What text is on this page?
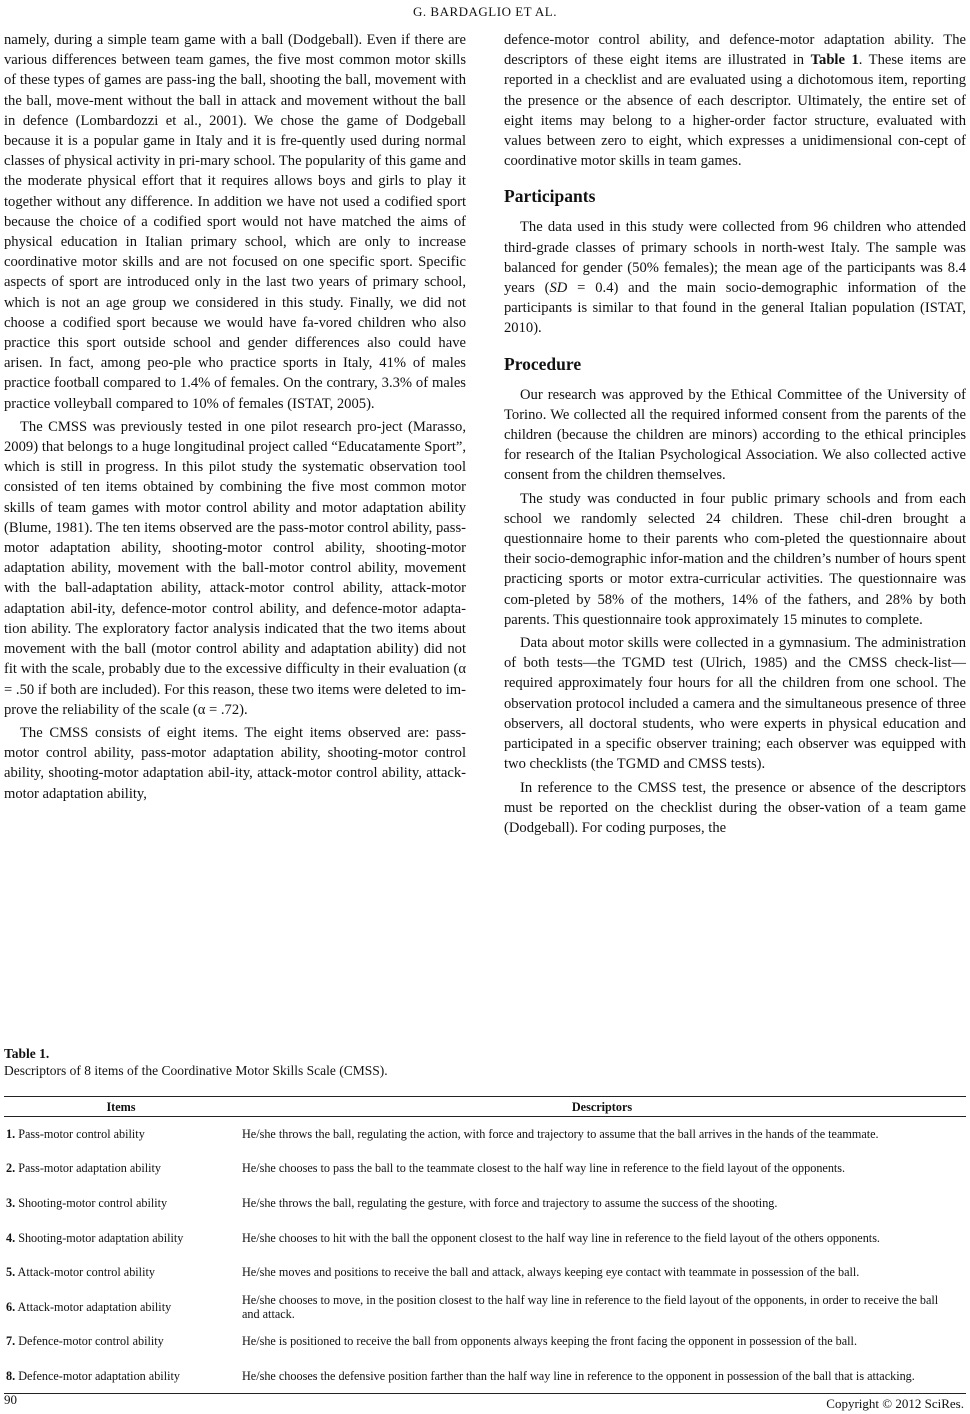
G. BARDAGLIO ET AL.

namely, during a simple team game with a ball (Dodgeball). Even if there are various differences between team games, the five most common motor skills of these types of games are pass-ing the ball, shooting the ball, movement with the ball, move-ment without the ball in attack and movement without the ball in defence (Lombardozzi et al., 2001). We chose the game of Dodgeball because it is a popular game in Italy and it is fre-quently used during normal classes of physical activity in pri-mary school. The popularity of this game and the moderate physical effort that it requires allows boys and girls to play it together without any difference. In addition we have not used a codified sport because the choice of a codified sport would not have matched the aims of physical education in Italian primary school, which are only to increase coordinative motor skills and are not focused on one specific sport. Specific aspects of sport are introduced only in the last two years of primary school, which is not an age group we considered in this study. Finally, we did not choose a codified sport because we would have fa-vored children who also practice this sport outside school and gender differences also could have arisen. In fact, among peo-ple who practice sports in Italy, 41% of males practice football compared to 1.4% of females. On the contrary, 3.3% of males practice volleyball compared to 10% of females (ISTAT, 2005).

The CMSS was previously tested in one pilot research pro-ject (Marasso, 2009) that belongs to a huge longitudinal project called “Educatamente Sport”, which is still in progress. In this pilot study the systematic observation tool consisted of ten items obtained by combining the five most common motor skills of team games with motor control ability and motor adaptation ability (Blume, 1981). The ten items observed are the pass-motor control ability, pass-motor adaptation ability, shooting-motor control ability, shooting-motor adaptation ability, movement with the ball-motor control ability, movement with the ball-adaptation ability, attack-motor control ability, attack-motor adaptation abil-ity, defence-motor control ability, and defence-motor adapta-tion ability. The exploratory factor analysis indicated that the two items about movement with the ball (motor control ability and adaptation ability) did not fit with the scale, probably due to the excessive difficulty in their evaluation (α = .50 if both are included). For this reason, these two items were deleted to im-prove the reliability of the scale (α = .72).

The CMSS consists of eight items. The eight items observed are: pass-motor control ability, pass-motor adaptation ability, shooting-motor control ability, shooting-motor adaptation abil-ity, attack-motor control ability, attack-motor adaptation ability,

defence-motor control ability, and defence-motor adaptation ability. The descriptors of these eight items are illustrated in Table 1. These items are reported in a checklist and are evaluated using a dichotomous item, reporting the presence or the absence of each descriptor. Ultimately, the entire set of eight items may belong to a higher-order factor structure, evaluated with values between zero to eight, which expresses a unidimensional con-cept of coordinative motor skills in team games.

Participants

The data used in this study were collected from 96 children who attended third-grade classes of primary schools in north-west Italy. The sample was balanced for gender (50% females); the mean age of the participants was 8.4 years (SD = 0.4) and the main socio-demographic information of the participants is similar to that found in the general Italian population (ISTAT, 2010).

Procedure

Our research was approved by the Ethical Committee of the University of Torino. We collected all the required informed consent from the parents of the children (because the children are minors) according to the ethical principles for research of the Italian Psychological Association. We also collected active consent from the children themselves.

The study was conducted in four public primary schools and from each school we randomly selected 24 children. These chil-dren brought a questionnaire home to their parents who com-pleted the questionnaire about their socio-demographic infor-mation and the children’s number of hours spent practicing sports or motor extra-curricular activities. The questionnaire was com-pleted by 58% of the mothers, 14% of the fathers, and 28% by both parents. This questionnaire took approximately 15 minutes to complete.

Data about motor skills were collected in a gymnasium. The administration of both tests—the TGMD test (Ulrich, 1985) and the CMSS check-list—required approximately four hours for all the children from one school. The observation protocol included a camera and the simultaneous presence of three observers, all doctoral students, who were experts in physical education and participated in a specific observer training; each observer was equipped with two checklists (the TGMD and CMSS tests).

In reference to the CMSS test, the presence or absence of the descriptors must be reported on the checklist during the obser-vation of a team game (Dodgeball). For coding purposes, the

Table 1.
Descriptors of 8 items of the Coordinative Motor Skills Scale (CMSS).
Items	Descriptors
1. Pass-motor control ability	He/she throws the ball, regulating the action, with force and trajectory to assume that the ball arrives in the hands of the teammate.
2. Pass-motor adaptation ability	He/she chooses to pass the ball to the teammate closest to the half way line in reference to the field layout of the opponents.
3. Shooting-motor control ability	He/she throws the ball, regulating the gesture, with force and trajectory to assume the success of the shooting.
4. Shooting-motor adaptation ability	He/she chooses to hit with the ball the opponent closest to the half way line in reference to the field layout of the others opponents.
5. Attack-motor control ability	He/she moves and positions to receive the ball and attack, always keeping eye contact with teammate in possession of the ball.
6. Attack-motor adaptation ability	He/she chooses to move, in the position closest to the half way line in reference to the field layout of the opponents, in order to receive the ball and attack.
7. Defence-motor control ability	He/she is positioned to receive the ball from opponents always keeping the front facing the opponent in possession of the ball.
8. Defence-motor adaptation ability	He/she chooses the defensive position farther than the half way line in reference to the opponent in possession of the ball that is attacking.
90	Copyright © 2012 SciRes.
